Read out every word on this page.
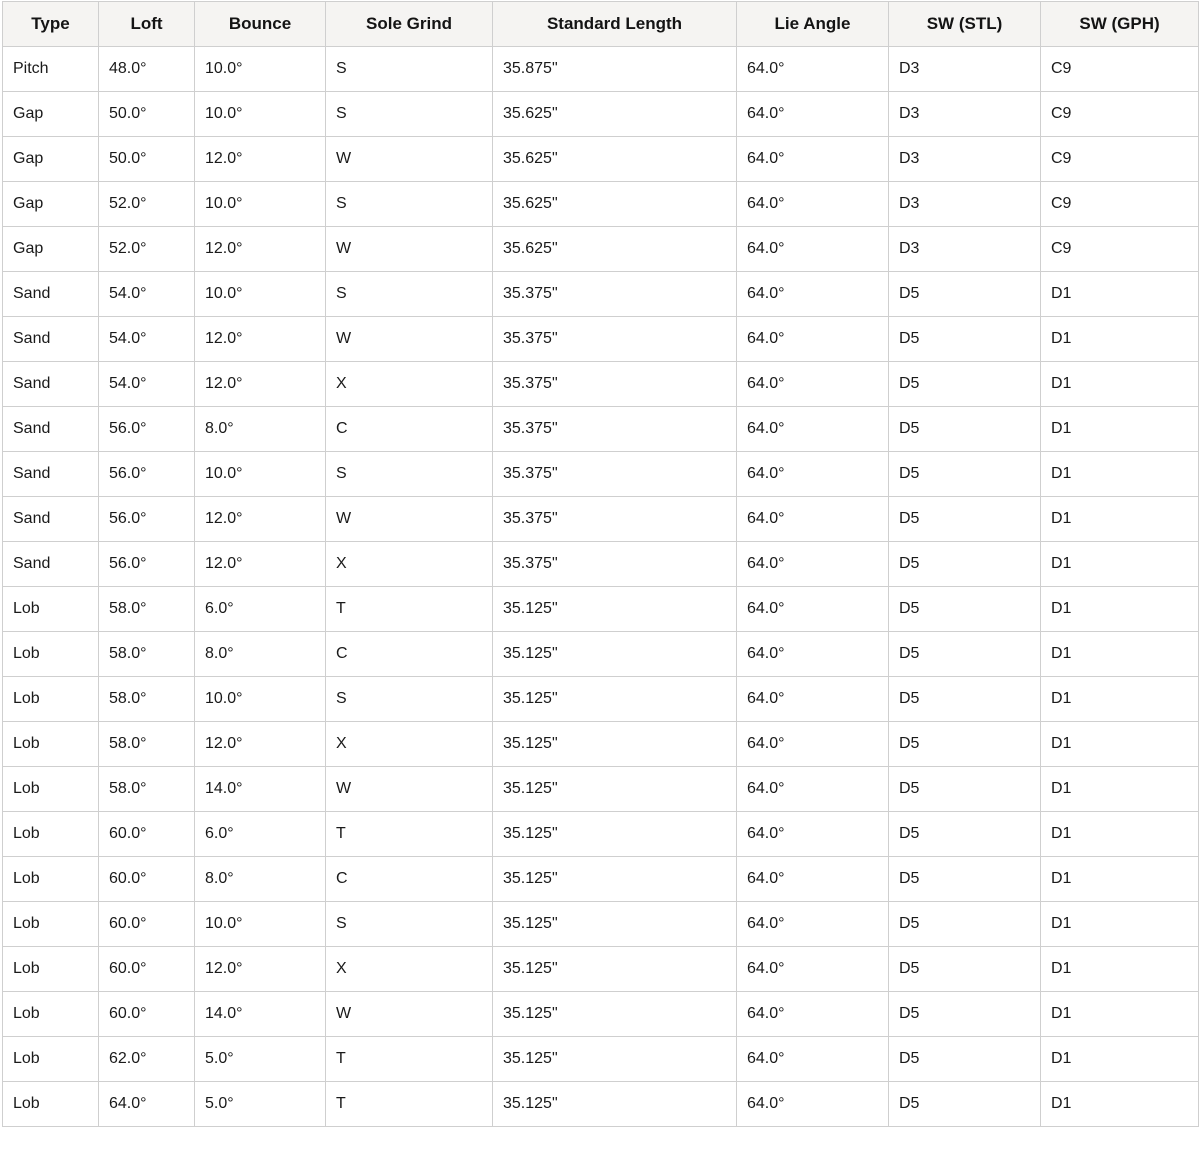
Type	Loft	Bounce	Sole Grind	Standard Length	Lie Angle	SW (STL)	SW (GPH)
Pitch	48.0°	10.0°	S	35.875"	64.0°	D3	C9
Gap	50.0°	10.0°	S	35.625"	64.0°	D3	C9
Gap	50.0°	12.0°	W	35.625"	64.0°	D3	C9
Gap	52.0°	10.0°	S	35.625"	64.0°	D3	C9
Gap	52.0°	12.0°	W	35.625"	64.0°	D3	C9
Sand	54.0°	10.0°	S	35.375"	64.0°	D5	D1
Sand	54.0°	12.0°	W	35.375"	64.0°	D5	D1
Sand	54.0°	12.0°	X	35.375"	64.0°	D5	D1
Sand	56.0°	8.0°	C	35.375"	64.0°	D5	D1
Sand	56.0°	10.0°	S	35.375"	64.0°	D5	D1
Sand	56.0°	12.0°	W	35.375"	64.0°	D5	D1
Sand	56.0°	12.0°	X	35.375"	64.0°	D5	D1
Lob	58.0°	6.0°	T	35.125"	64.0°	D5	D1
Lob	58.0°	8.0°	C	35.125"	64.0°	D5	D1
Lob	58.0°	10.0°	S	35.125"	64.0°	D5	D1
Lob	58.0°	12.0°	X	35.125"	64.0°	D5	D1
Lob	58.0°	14.0°	W	35.125"	64.0°	D5	D1
Lob	60.0°	6.0°	T	35.125"	64.0°	D5	D1
Lob	60.0°	8.0°	C	35.125"	64.0°	D5	D1
Lob	60.0°	10.0°	S	35.125"	64.0°	D5	D1
Lob	60.0°	12.0°	X	35.125"	64.0°	D5	D1
Lob	60.0°	14.0°	W	35.125"	64.0°	D5	D1
Lob	62.0°	5.0°	T	35.125"	64.0°	D5	D1
Lob	64.0°	5.0°	T	35.125"	64.0°	D5	D1
